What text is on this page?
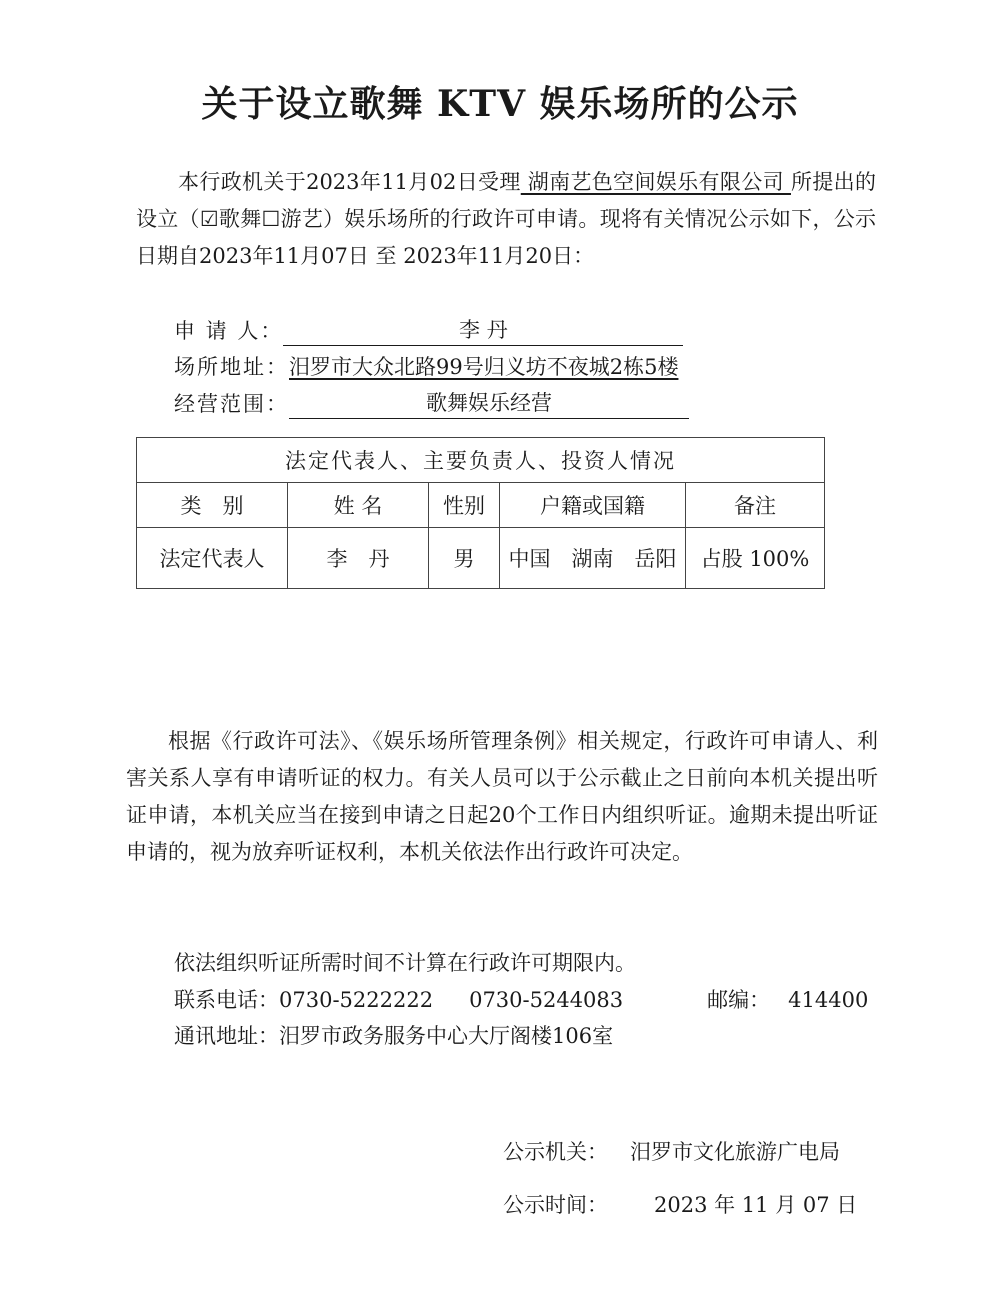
关于设立歌舞 KTV 娱乐场所的公示
本行政机关于2023年11月02日受理 湖南艺色空间娱乐有限公司 所提出的设立（☑歌舞☐游艺）娱乐场所的行政许可申请。现将有关情况公示如下，公示日期自2023年11月07日 至 2023年11月20日：
申 请 人：	李 丹
场所地址： 汨罗市大众北路99号归义坊不夜城2栋5楼
经营范围：	歌舞娱乐经营
法定代表人、主要负责人、投资人情况				
类　别	姓 名	性别	户籍或国籍	备注
法定代表人	李　丹	男	中国　湖南　岳阳	占股 100%
根据《行政许可法》、《娱乐场所管理条例》相关规定，行政许可申请人、利害关系人享有申请听证的权力。有关人员可以于公示截止之日前向本机关提出听证申请，本机关应当在接到申请之日起20个工作日内组织听证。逾期未提出听证申请的，视为放弃听证权利，本机关依法作出行政许可决定。
依法组织听证所需时间不计算在行政许可期限内。
联系电话：0730-5222222 0730-5244083	邮编： 414400
通讯地址：汨罗市政务服务中心大厅阁楼106室
公示机关： 汨罗市文化旅游广电局
公示时间： 2023 年 11 月 07 日
